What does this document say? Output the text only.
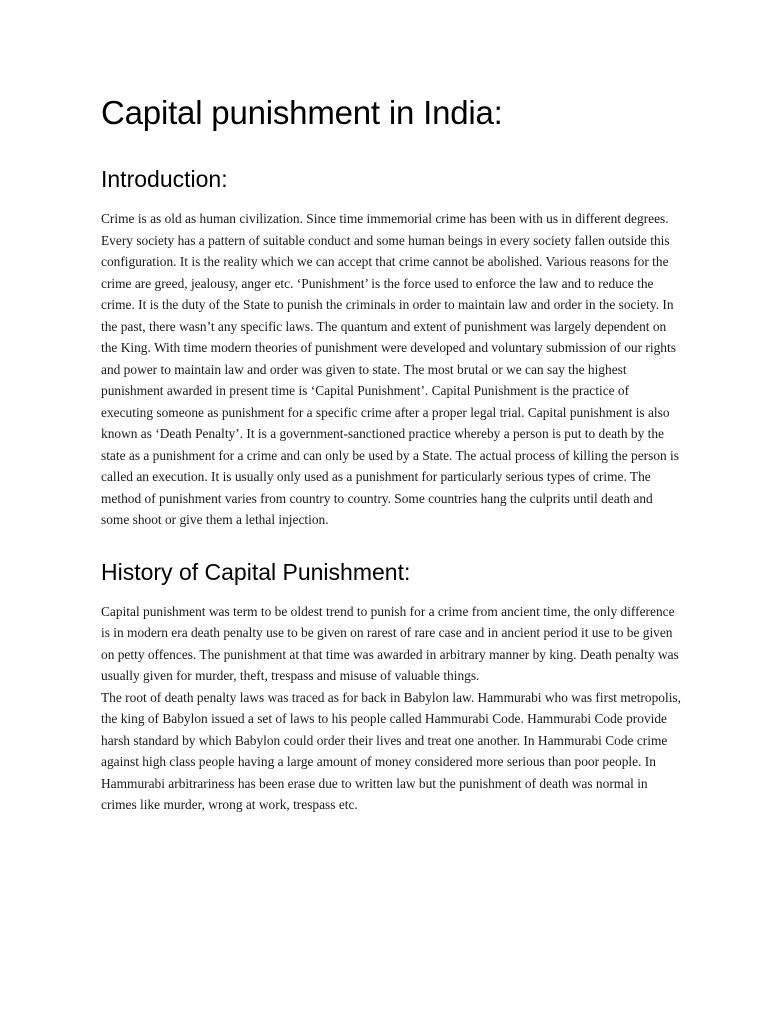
Capital punishment in India:
Introduction:

Crime is as old as human civilization. Since time immemorial crime has been with us in different degrees. Every society has a pattern of suitable conduct and some human beings in every society fallen outside this configuration. It is the reality which we can accept that crime cannot be abolished. Various reasons for the crime are greed, jealousy, anger etc. ‘Punishment’ is the force used to enforce the law and to reduce the crime. It is the duty of the State to punish the criminals in order to maintain law and order in the society. In the past, there wasn’t any specific laws. The quantum and extent of punishment was largely dependent on the King. With time modern theories of punishment were developed and voluntary submission of our rights and power to maintain law and order was given to state. The most brutal or we can say the highest punishment awarded in present time is ‘Capital Punishment’. Capital Punishment is the practice of executing someone as punishment for a specific crime after a proper legal trial. Capital punishment is also known as ‘Death Penalty’. It is a government-sanctioned practice whereby a person is put to death by the state as a punishment for a crime and can only be used by a State. The actual process of killing the person is called an execution. It is usually only used as a punishment for particularly serious types of crime. The method of punishment varies from country to country. Some countries hang the culprits until death and some shoot or give them a lethal injection.

History of Capital Punishment:

Capital punishment was term to be oldest trend to punish for a crime from ancient time, the only difference is in modern era death penalty use to be given on rarest of rare case and in ancient period it use to be given on petty offences. The punishment at that time was awarded in arbitrary manner by king. Death penalty was usually given for murder, theft, trespass and misuse of valuable things.

The root of death penalty laws was traced as for back in Babylon law. Hammurabi who was first metropolis, the king of Babylon issued a set of laws to his people called Hammurabi Code. Hammurabi Code provide harsh standard by which Babylon could order their lives and treat one another. In Hammurabi Code crime against high class people having a large amount of money considered more serious than poor people. In Hammurabi arbitrariness has been erase due to written law but the punishment of death was normal in crimes like murder, wrong at work, trespass etc.
